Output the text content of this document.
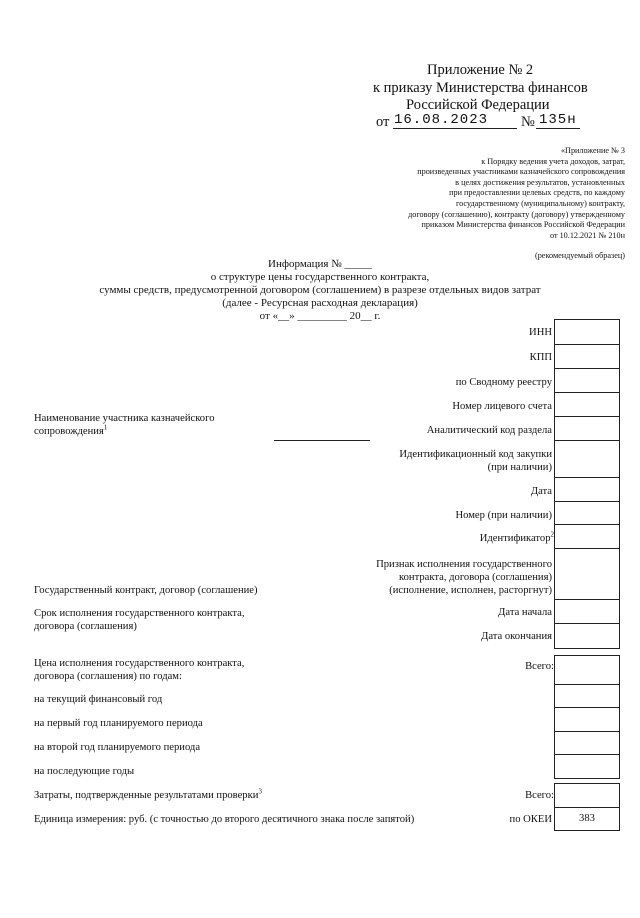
Приложение № 2
к приказу Министерства финансов
Российской Федерации
от 16.08.2023 № 135н
«Приложение № 3
к Порядку ведения учета доходов, затрат,
произведенных участниками казначейского сопровождения
в целях достижения результатов, установленных
при предоставлении целевых средств, по каждому
государственному (муниципальному) контракту,
договору (соглашению), контракту (договору) утвержденному
приказом Министерства финансов Российской Федерации
от 10.12.2021 № 210н
(рекомендуемый образец)
Информация № _____
о структуре цены государственного контракта,
суммы средств, предусмотренной договором (соглашением) в разрезе отдельных видов затрат
(далее - Ресурсная расходная декларация)
от «__» _________ 20__ г.
Наименование участника казначейского
сопровождения$^1$
Государственный контракт, договор (соглашение)
Срок исполнения государственного контракта,
договора (соглашения)
Цена исполнения государственного контракта,
договора (соглашения) по годам:
на текущий финансовый год
на первый год планируемого периода
на второй год планируемого периода
на последующие годы
Затраты, подтвержденные результатами проверки$^3$
Единица измерения: руб. (с точностью до второго десятичного знака после запятой)
ИНН
КПП
по Сводному реестру
Номер лицевого счета
Аналитический код раздела
Идентификационный код закупки
(при наличии)
Дата
Номер (при наличии)
Идентификатор$^2$
Признак исполнения государственного
контракта, договора (соглашения)
(исполнение, исполнен, расторгнут)
Дата начала
Дата окончания
Всего:
Всего:
по ОКЕИ	383
